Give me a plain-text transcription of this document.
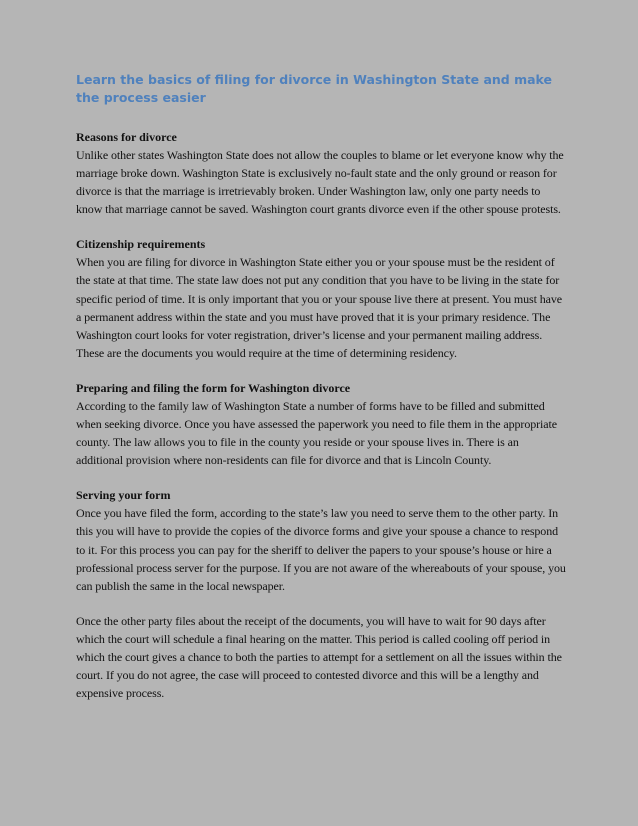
Learn the basics of filing for divorce in Washington State and make the process easier

Reasons for divorce

Unlike other states Washington State does not allow the couples to blame or let everyone know why the marriage broke down. Washington State is exclusively no-fault state and the only ground or reason for divorce is that the marriage is irretrievably broken. Under Washington law, only one party needs to know that marriage cannot be saved. Washington court grants divorce even if the other spouse protests.

Citizenship requirements

When you are filing for divorce in Washington State either you or your spouse must be the resident of the state at that time. The state law does not put any condition that you have to be living in the state for specific period of time. It is only important that you or your spouse live there at present. You must have a permanent address within the state and you must have proved that it is your primary residence. The Washington court looks for voter registration, driver’s license and your permanent mailing address. These are the documents you would require at the time of determining residency.

Preparing and filing the form for Washington divorce

According to the family law of Washington State a number of forms have to be filled and submitted when seeking divorce. Once you have assessed the paperwork you need to file them in the appropriate county. The law allows you to file in the county you reside or your spouse lives in. There is an additional provision where non-residents can file for divorce and that is Lincoln County.

Serving your form

Once you have filed the form, according to the state’s law you need to serve them to the other party. In this you will have to provide the copies of the divorce forms and give your spouse a chance to respond to it. For this process you can pay for the sheriff to deliver the papers to your spouse’s house or hire a professional process server for the purpose. If you are not aware of the whereabouts of your spouse, you can publish the same in the local newspaper.

Once the other party files about the receipt of the documents, you will have to wait for 90 days after which the court will schedule a final hearing on the matter. This period is called cooling off period in which the court gives a chance to both the parties to attempt for a settlement on all the issues within the court. If you do not agree, the case will proceed to contested divorce and this will be a lengthy and expensive process.
